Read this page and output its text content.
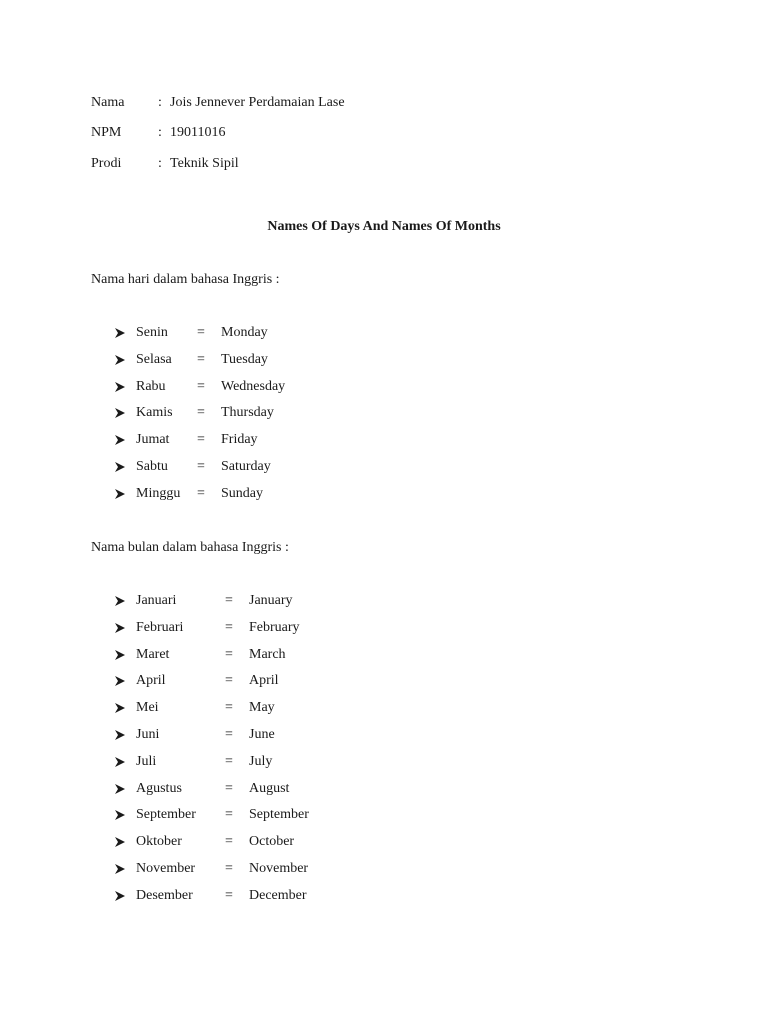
Nama : Jois Jennever Perdamaian Lase
NPM	: 19011016
Prodi	: Teknik Sipil
Names Of Days And Names Of Months
Nama hari dalam bahasa Inggris :
Senin = Monday
Selasa = Tuesday
Rabu = Wednesday
Kamis = Thursday
Jumat = Friday
Sabtu = Saturday
Minggu = Sunday
Nama bulan dalam bahasa Inggris :
Januari	= January
Februari	= February
Maret	= March
April	= April
Mei	= May
Juni	= June
Juli	= July
Agustus	= August
September = September
Oktober	= October
November = November
Desember = December
